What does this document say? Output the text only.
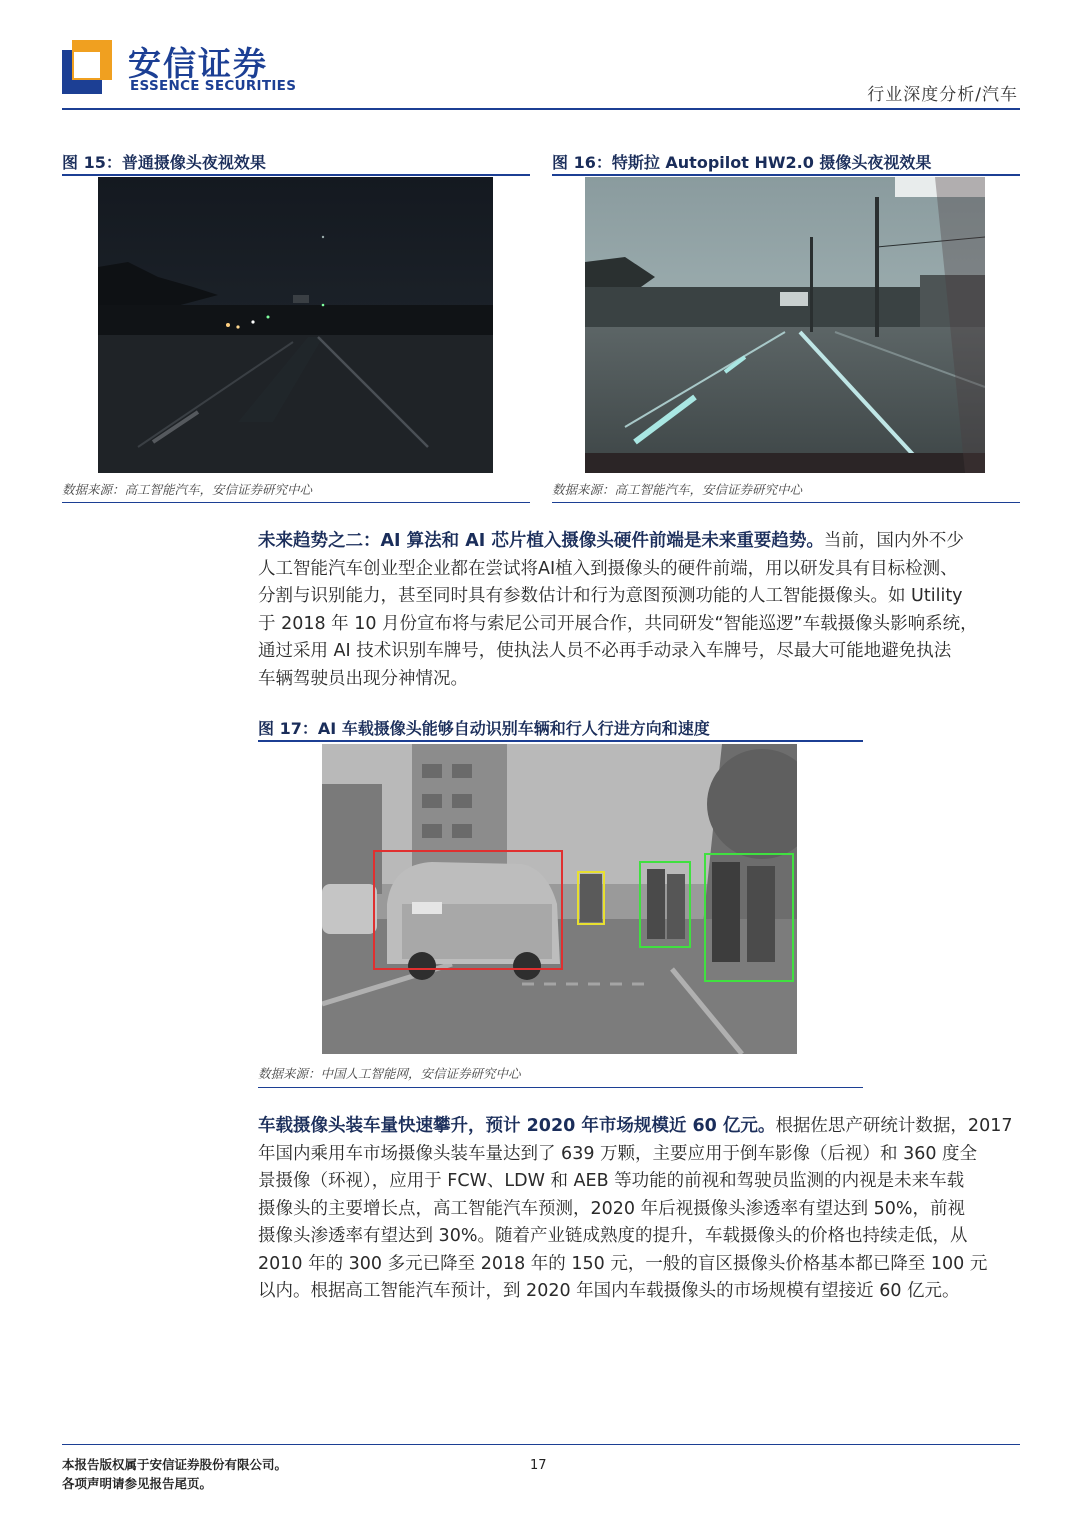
安信证券
ESSENCE SECURITIES	行业深度分析/汽车
图 15：普通摄像头夜视效果
数据来源：高工智能汽车，安信证券研究中心
图 16：特斯拉 Autopilot HW2.0 摄像头夜视效果
数据来源：高工智能汽车，安信证券研究中心
未来趋势之二：AI 算法和 AI 芯片植入摄像头硬件前端是未来重要趋势。当前，国内外不少
人工智能汽车创业型企业都在尝试将AI植入到摄像头的硬件前端，用以研发具有目标检测、
分割与识别能力，甚至同时具有参数估计和行为意图预测功能的人工智能摄像头。如 Utility
于 2018 年 10 月份宣布将与索尼公司开展合作，共同研发“智能巡逻”车载摄像头影响系统，
通过采用 AI 技术识别车牌号，使执法人员不必再手动录入车牌号，尽最大可能地避免执法
车辆驾驶员出现分神情况。
图 17：AI 车载摄像头能够自动识别车辆和行人行进方向和速度
数据来源：中国人工智能网，安信证券研究中心
车载摄像头装车量快速攀升，预计 2020 年市场规模近 60 亿元。根据佐思产研统计数据，2017
年国内乘用车市场摄像头装车量达到了 639 万颗，主要应用于倒车影像（后视）和 360 度全
景摄像（环视），应用于 FCW、LDW 和 AEB 等功能的前视和驾驶员监测的内视是未来车载
摄像头的主要增长点，高工智能汽车预测，2020 年后视摄像头渗透率有望达到 50%，前视
摄像头渗透率有望达到 30%。随着产业链成熟度的提升，车载摄像头的价格也持续走低，从
2010 年的 300 多元已降至 2018 年的 150 元，一般的盲区摄像头价格基本都已降至 100 元
以内。根据高工智能汽车预计，到 2020 年国内车载摄像头的市场规模有望接近 60 亿元。
本报告版权属于安信证券股份有限公司。
各项声明请参见报告尾页。
17
